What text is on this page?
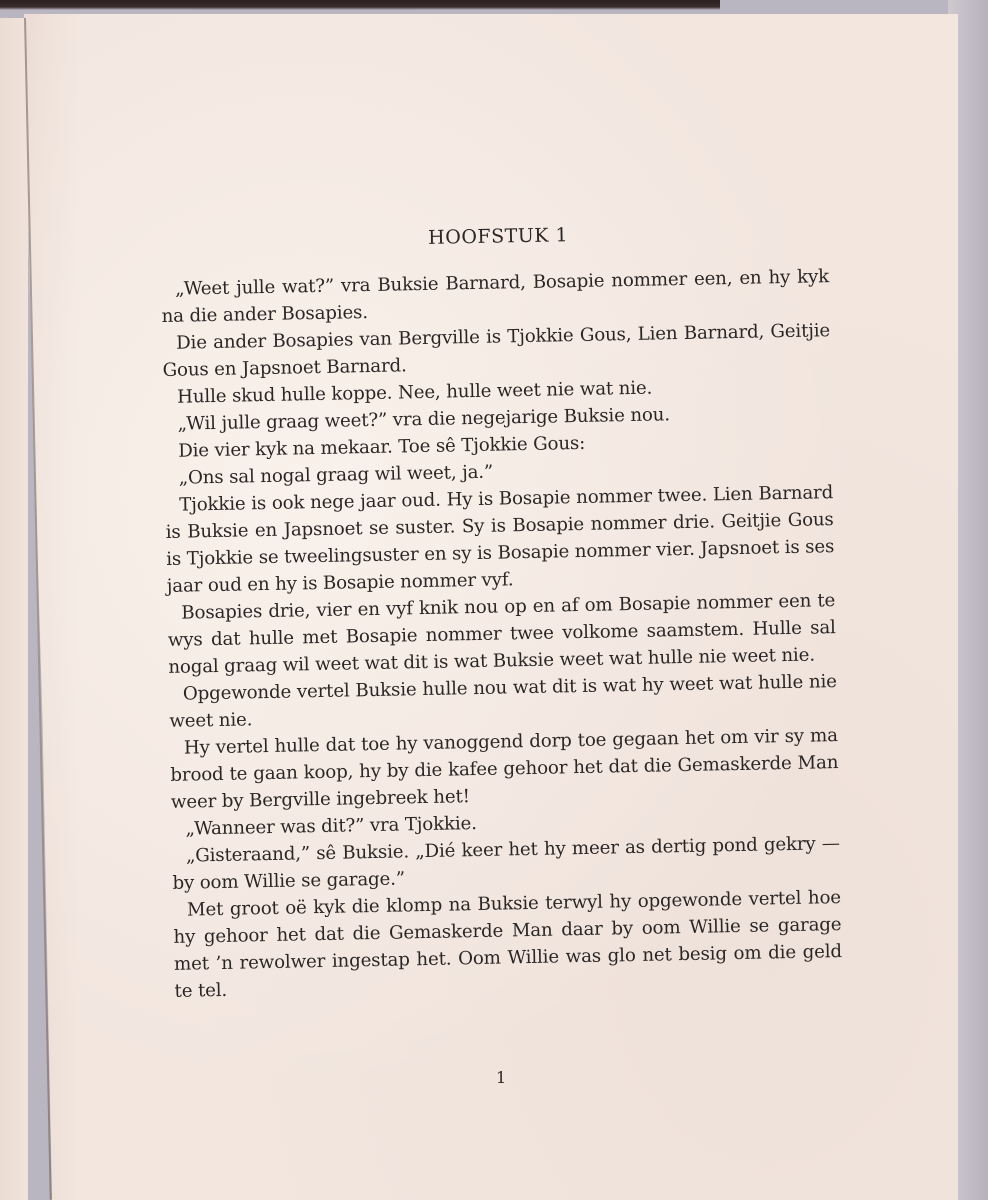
HOOFSTUK 1

„Weet julle wat?” vra Buksie Barnard, Bosapie nommer een, en hy kyk na die ander Bosapies.

Die ander Bosapies van Bergville is Tjokkie Gous, Lien Barnard, Geitjie Gous en Japsnoet Barnard.

Hulle skud hulle koppe. Nee, hulle weet nie wat nie.

„Wil julle graag weet?” vra die negejarige Buksie nou.

Die vier kyk na mekaar. Toe sê Tjokkie Gous:

„Ons sal nogal graag wil weet, ja.”

Tjokkie is ook nege jaar oud. Hy is Bosapie nommer twee. Lien Barnard is Buksie en Japsnoet se suster. Sy is Bosapie nommer drie. Geitjie Gous is Tjokkie se tweelingsuster en sy is Bosapie nommer vier. Japsnoet is ses jaar oud en hy is Bosapie nommer vyf.

Bosapies drie, vier en vyf knik nou op en af om Bosapie nommer een te wys dat hulle met Bosapie nommer twee volkome saamstem. Hulle sal nogal graag wil weet wat dit is wat Buksie weet wat hulle nie weet nie.

Opgewonde vertel Buksie hulle nou wat dit is wat hy weet wat hulle nie weet nie.

Hy vertel hulle dat toe hy vanoggend dorp toe gegaan het om vir sy ma brood te gaan koop, hy by die kafee gehoor het dat die Gemaskerde Man weer by Bergville ingebreek het!

„Wanneer was dit?” vra Tjokkie.

„Gisteraand,” sê Buksie. „Dié keer het hy meer as dertig pond gekry — by oom Willie se garage.”

Met groot oë kyk die klomp na Buksie terwyl hy opgewonde vertel hoe hy gehoor het dat die Gemaskerde Man daar by oom Willie se garage met ’n rewolwer ingestap het. Oom Willie was glo net besig om die geld te tel.

1
